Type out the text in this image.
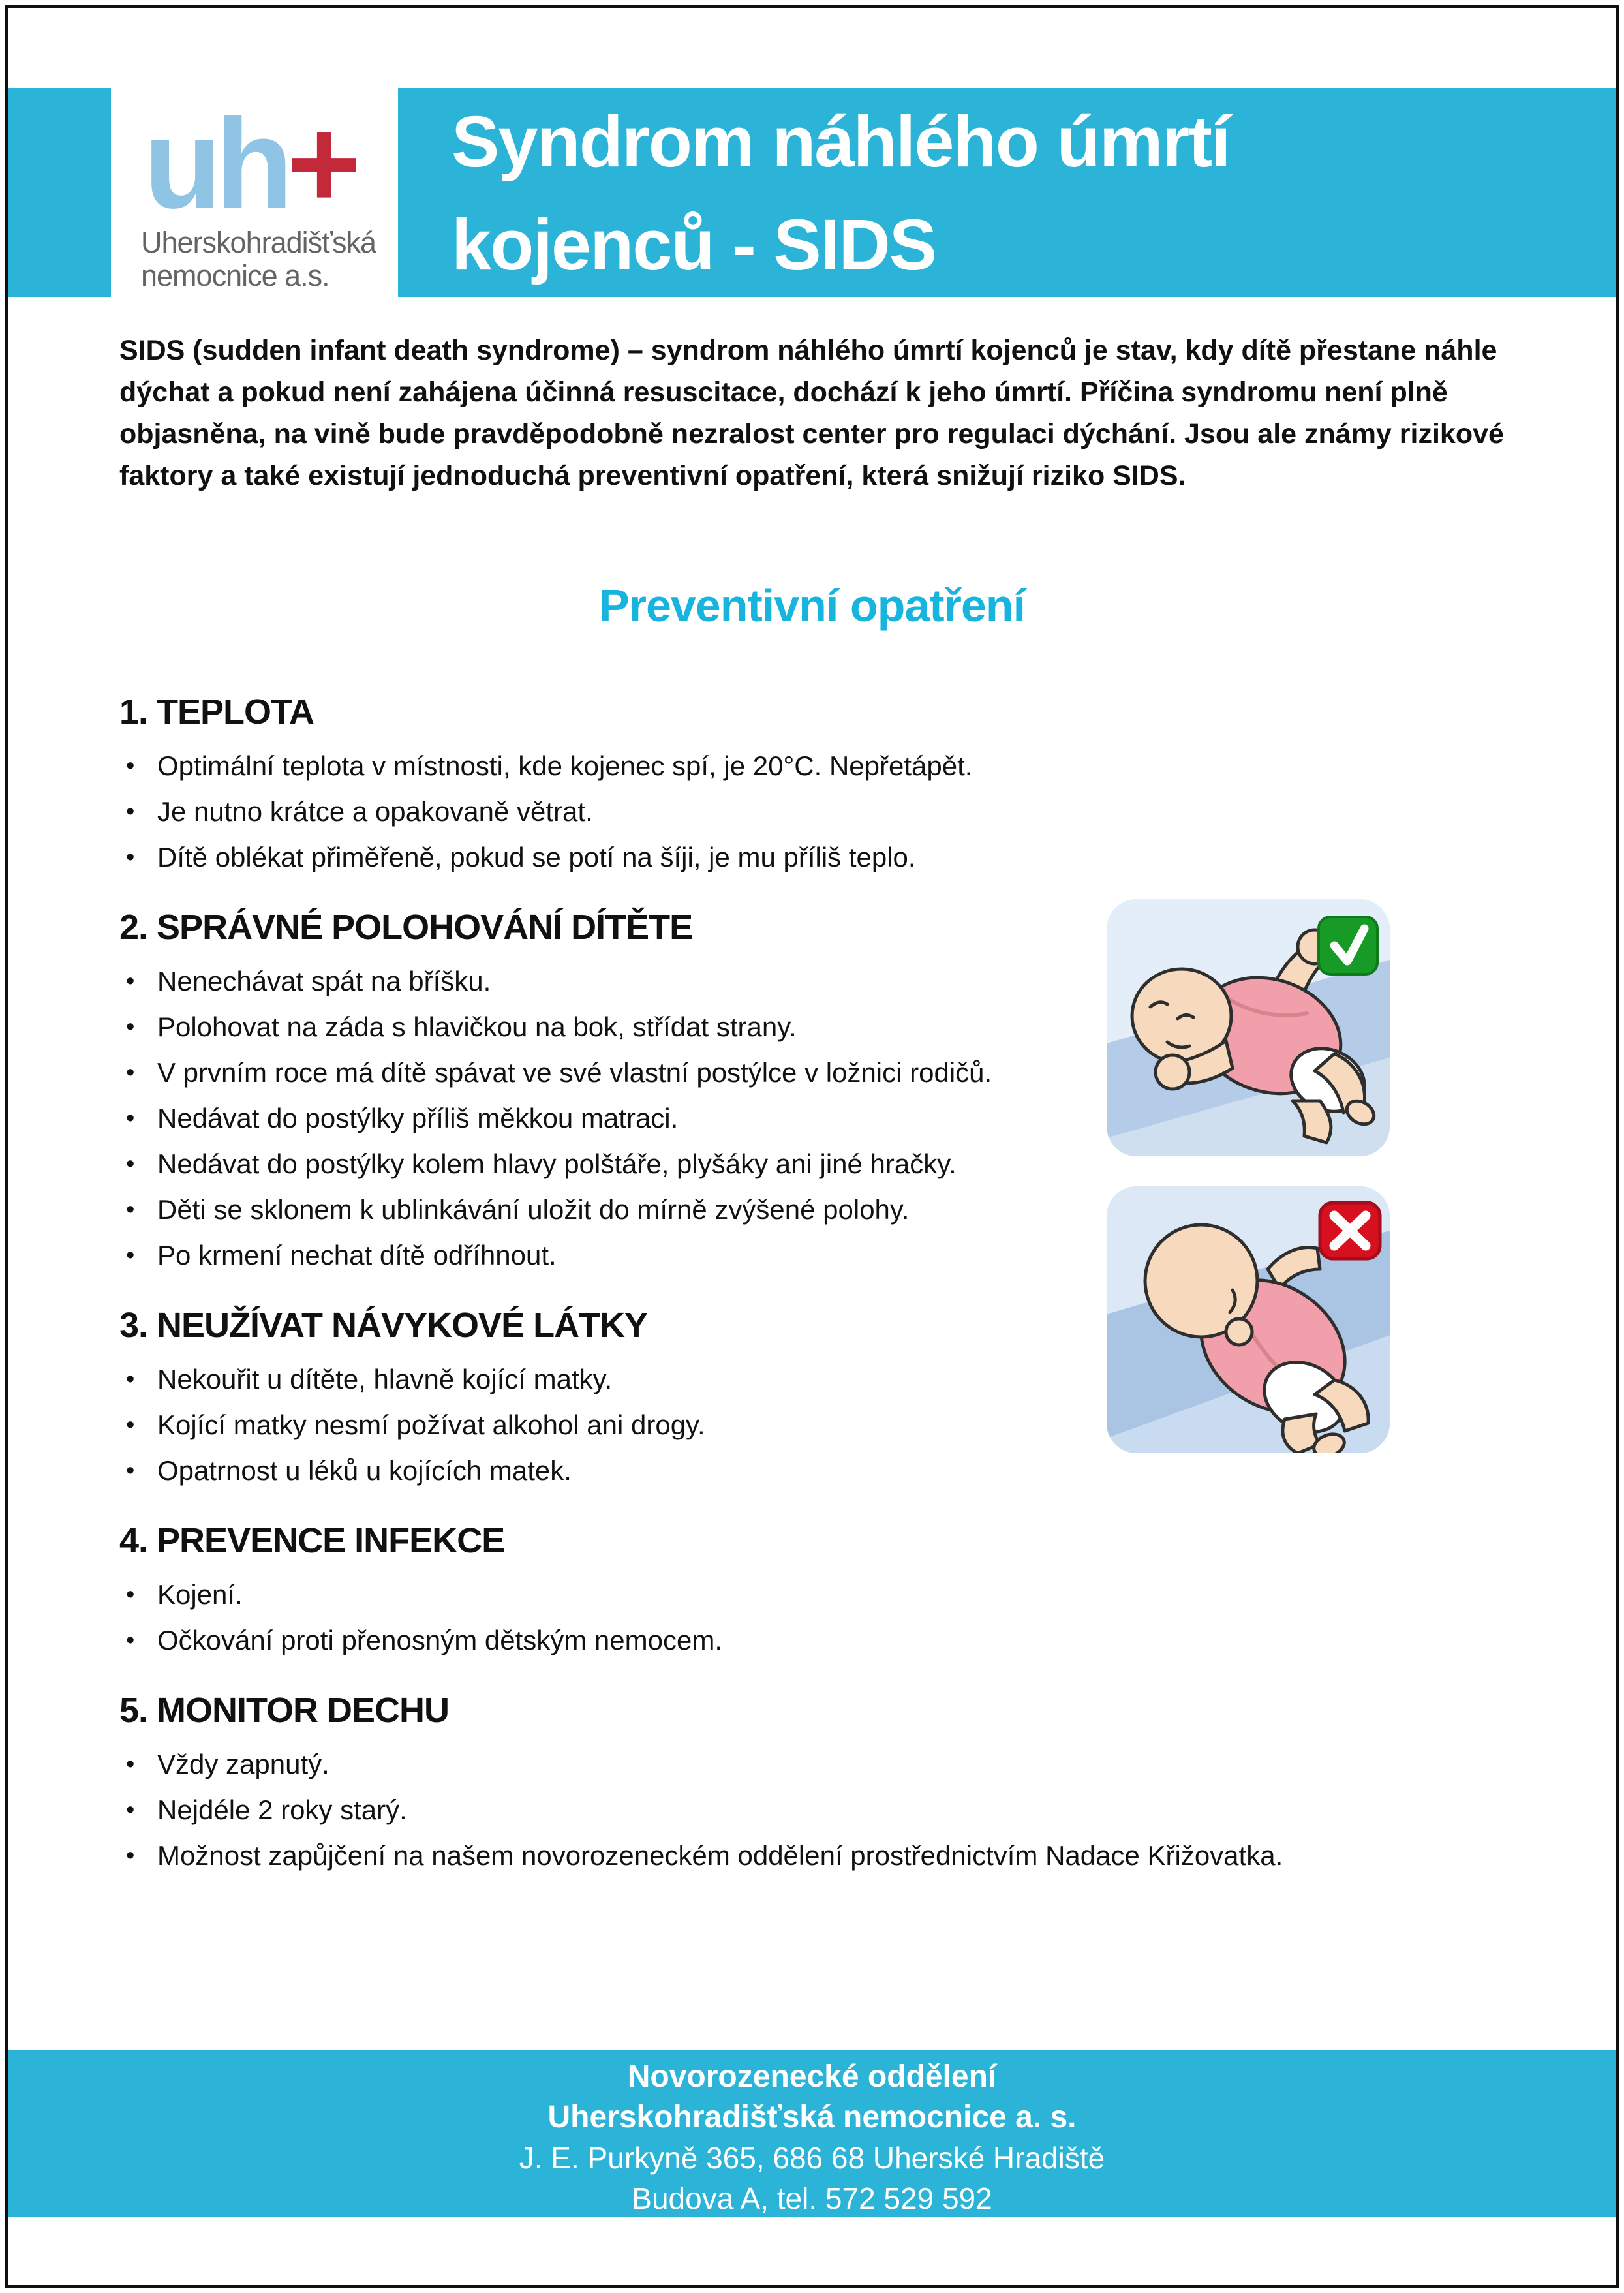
uh+
Uherskohradišťská
nemocnice a.s.
Syndrom náhlého úmrtí
kojenců - SIDS

SIDS (sudden infant death syndrome) – syndrom náhlého úmrtí kojenců je stav, kdy dítě přestane náhle dýchat a pokud není zahájena účinná resuscitace, dochází k jeho úmrtí. Příčina syndromu není plně objasněna, na vině bude pravděpodobně nezralost center pro regulaci dýchání. Jsou ale známy rizikové faktory a také existují jednoduchá preventivní opatření, která snižují riziko SIDS.

Preventivní opatření
1. TEPLOTA
• Optimální teplota v místnosti, kde kojenec spí, je 20°C. Nepřetápět.
• Je nutno krátce a opakovaně větrat.
• Dítě oblékat přiměřeně, pokud se potí na šíji, je mu příliš teplo.
2. SPRÁVNÉ POLOHOVÁNÍ DÍTĚTE
• Nenechávat spát na bříšku.
• Polohovat na záda s hlavičkou na bok, střídat strany.
• V prvním roce má dítě spávat ve své vlastní postýlce v ložnici rodičů.
• Nedávat do postýlky příliš měkkou matraci.
• Nedávat do postýlky kolem hlavy polštáře, plyšáky ani jiné hračky.
• Děti se sklonem k ublinkávání uložit do mírně zvýšené polohy.
• Po krmení nechat dítě odříhnout.
3. NEUŽÍVAT NÁVYKOVÉ LÁTKY
• Nekouřit u dítěte, hlavně kojící matky.
• Kojící matky nesmí požívat alkohol ani drogy.
• Opatrnost u léků u kojících matek.
4. PREVENCE INFEKCE
• Kojení.
• Očkování proti přenosným dětským nemocem.
5. MONITOR DECHU
• Vždy zapnutý.
• Nejdéle 2 roky starý.
• Možnost zapůjčení na našem novorozeneckém oddělení prostřednictvím Nadace Křižovatka.
Novorozenecké oddělení
Uherskohradišťská nemocnice a. s.
J. E. Purkyně 365, 686 68 Uherské Hradiště
Budova A, tel. 572 529 592
